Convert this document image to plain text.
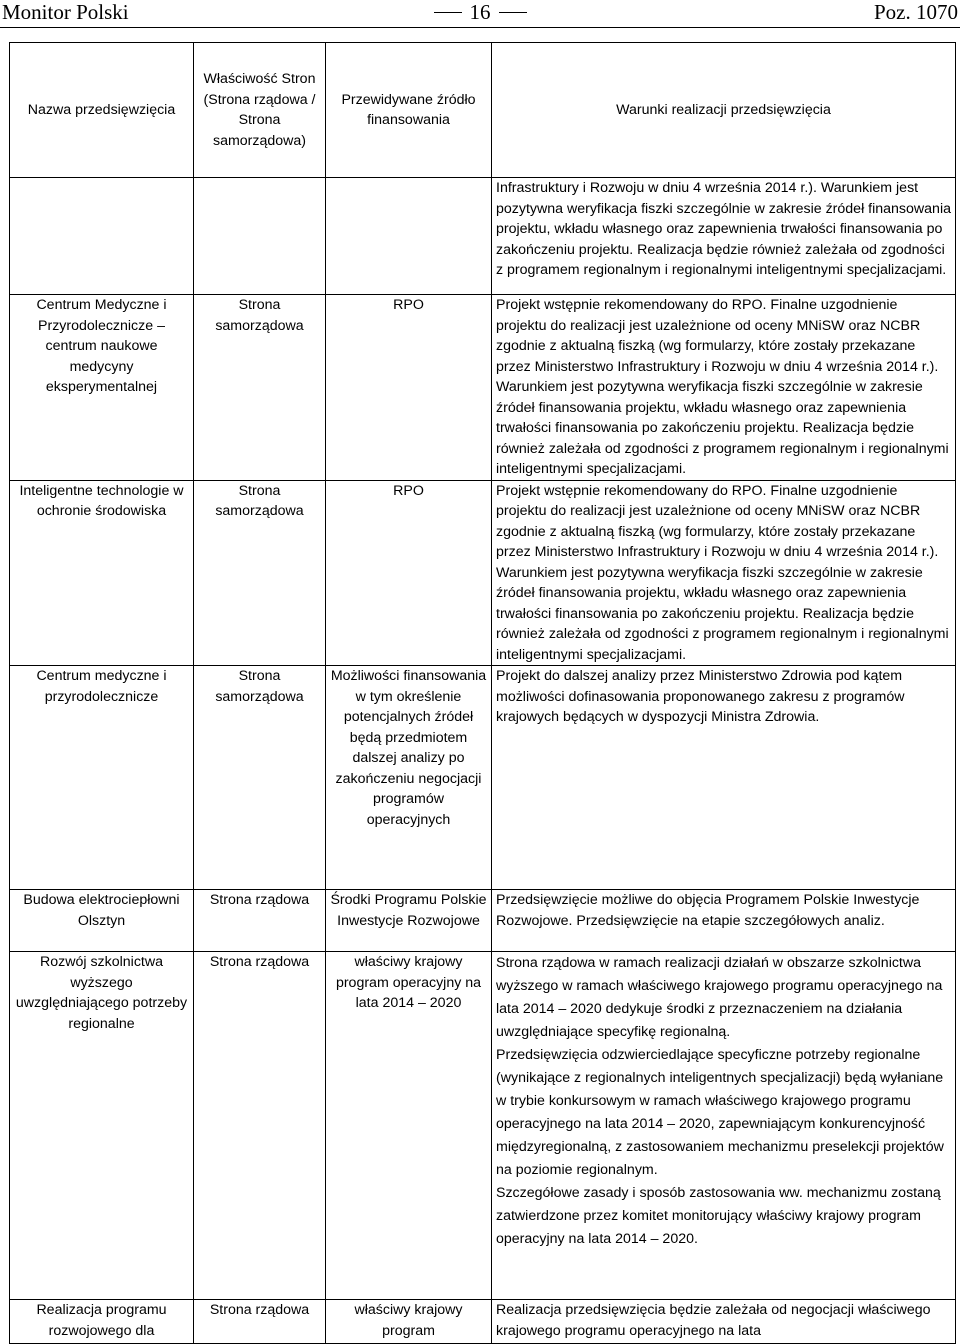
Monitor Polski	16	Poz. 1070
Nazwa przedsięwzięcia	Właściwość Stron (Strona rządowa / Strona samorządowa)	Przewidywane źródło finansowania	Warunki realizacji przedsięwzięcia
			Infrastruktury i Rozwoju w dniu 4 września 2014 r.). Warunkiem jest pozytywna weryfikacja fiszki szczególnie w zakresie źródeł finansowania projektu, wkładu własnego oraz zapewnienia trwałości finansowania po zakończeniu projektu. Realizacja będzie również zależała od zgodności z programem regionalnym i regionalnymi inteligentnymi specjalizacjami.
Centrum Medyczne i Przyrodolecznicze – centrum naukowe medycyny eksperymentalnej	Strona samorządowa	RPO	Projekt wstępnie rekomendowany do RPO. Finalne uzgodnienie projektu do realizacji jest uzależnione od oceny MNiSW oraz NCBR zgodnie z aktualną fiszką (wg formularzy, które zostały przekazane przez Ministerstwo Infrastruktury i Rozwoju w dniu 4 września 2014 r.). Warunkiem jest pozytywna weryfikacja fiszki szczególnie w zakresie źródeł finansowania projektu, wkładu własnego oraz zapewnienia trwałości finansowania po zakończeniu projektu. Realizacja będzie również zależała od zgodności z programem regionalnym i regionalnymi inteligentnymi specjalizacjami.
Inteligentne technologie w ochronie środowiska	Strona samorządowa	RPO	Projekt wstępnie rekomendowany do RPO. Finalne uzgodnienie projektu do realizacji jest uzależnione od oceny MNiSW oraz NCBR zgodnie z aktualną fiszką (wg formularzy, które zostały przekazane przez Ministerstwo Infrastruktury i Rozwoju w dniu 4 września 2014 r.). Warunkiem jest pozytywna weryfikacja fiszki szczególnie w zakresie źródeł finansowania projektu, wkładu własnego oraz zapewnienia trwałości finansowania po zakończeniu projektu. Realizacja będzie również zależała od zgodności z programem regionalnym i regionalnymi inteligentnymi specjalizacjami.
Centrum medyczne i przyrodolecznicze	Strona samorządowa	Możliwości finansowania w tym określenie potencjalnych źródeł będą przedmiotem dalszej analizy po zakończeniu negocjacji programów operacyjnych	Projekt do dalszej analizy przez Ministerstwo Zdrowia pod kątem możliwości dofinasowania proponowanego zakresu z programów krajowych będących w dyspozycji Ministra Zdrowia.
Budowa elektrociepłowni Olsztyn	Strona rządowa	Środki Programu Polskie Inwestycje Rozwojowe	Przedsięwzięcie możliwe do objęcia Programem Polskie Inwestycje Rozwojowe. Przedsięwzięcie na etapie szczegółowych analiz.
Rozwój szkolnictwa wyższego uwzględniającego potrzeby regionalne	Strona rządowa	właściwy krajowy program operacyjny na lata 2014 – 2020	Strona rządowa w ramach realizacji działań w obszarze szkolnictwa wyższego w ramach właściwego krajowego programu operacyjnego na lata 2014 – 2020 dedykuje środki z przeznaczeniem na działania uwzględniające specyfikę regionalną.
Przedsięwzięcia odzwierciedlające specyficzne potrzeby regionalne (wynikające z regionalnych inteligentnych specjalizacji) będą wyłaniane w trybie konkursowym w ramach właściwego krajowego programu operacyjnego na lata 2014 – 2020, zapewniającym konkurencyjność międzyregionalną, z zastosowaniem mechanizmu preselekcji projektów na poziomie regionalnym.
Szczegółowe zasady i sposób zastosowania ww. mechanizmu zostaną zatwierdzone przez komitet monitorujący właściwy krajowy program operacyjny na lata 2014 – 2020.

Realizacja programu rozwojowego dla	Strona rządowa	właściwy krajowy program	Realizacja przedsięwzięcia będzie zależała od negocjacji właściwego krajowego programu operacyjnego na lata
